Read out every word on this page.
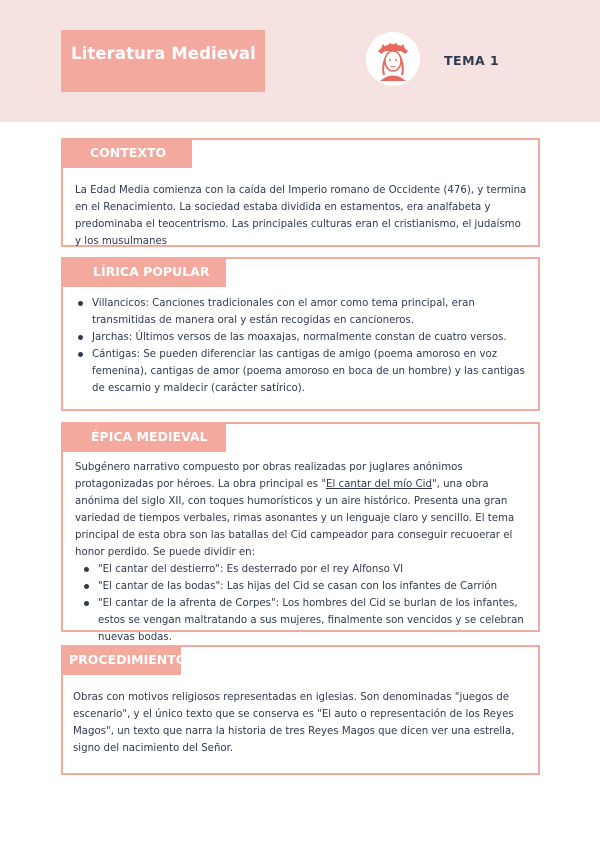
Literatura Medieval	TEMA 1
CONTEXTO

La Edad Media comienza con la caída del Imperio romano de Occidente (476), y termina en el Renacimiento. La sociedad estaba dividida en estamentos, era analfabeta y predominaba el teocentrismo. Las principales culturas eran el cristianismo, el judaísmo y los musulmanes

LÍRICA POPULAR
Villancicos: Canciones tradicionales con el amor como tema principal, eran transmitidas de manera oral y están recogidas en cancioneros.
Jarchas: Últimos versos de las moaxajas, normalmente constan de cuatro versos.
Cántigas: Se pueden diferenciar las cantigas de amigo (poema amoroso en voz femenina), cantigas de amor (poema amoroso en boca de un hombre) y las cantigas de escarnio y maldecir (carácter satírico).
ÉPICA MEDIEVAL

Subgénero narrativo compuesto por obras realizadas por juglares anónimos protagonizadas por héroes. La obra principal es "El cantar del mío Cid", una obra anónima del siglo XII, con toques humorísticos y un aire histórico. Presenta una gran variedad de tiempos verbales, rimas asonantes y un lenguaje claro y sencillo. El tema principal de esta obra son las batallas del Cid campeador para conseguir recuoerar el honor perdido. Se puede dividir en:

"El cantar del destierro": Es desterrado por el rey Alfonso VI
"El cantar de las bodas": Las hijas del Cid se casan con los infantes de Carrión
"El cantar de la afrenta de Corpes": Los hombres del Cid se burlan de los infantes, estos se vengan maltratando a sus mujeres, finalmente son vencidos y se celebran nuevas bodas.
PROCEDIMIENTO

Obras con motivos religiosos representadas en iglesias. Son denominadas "juegos de escenario", y el único texto que se conserva es "El auto o representación de los Reyes Magos", un texto que narra la historia de tres Reyes Magos que dicen ver una estrella, signo del nacimiento del Señor.
